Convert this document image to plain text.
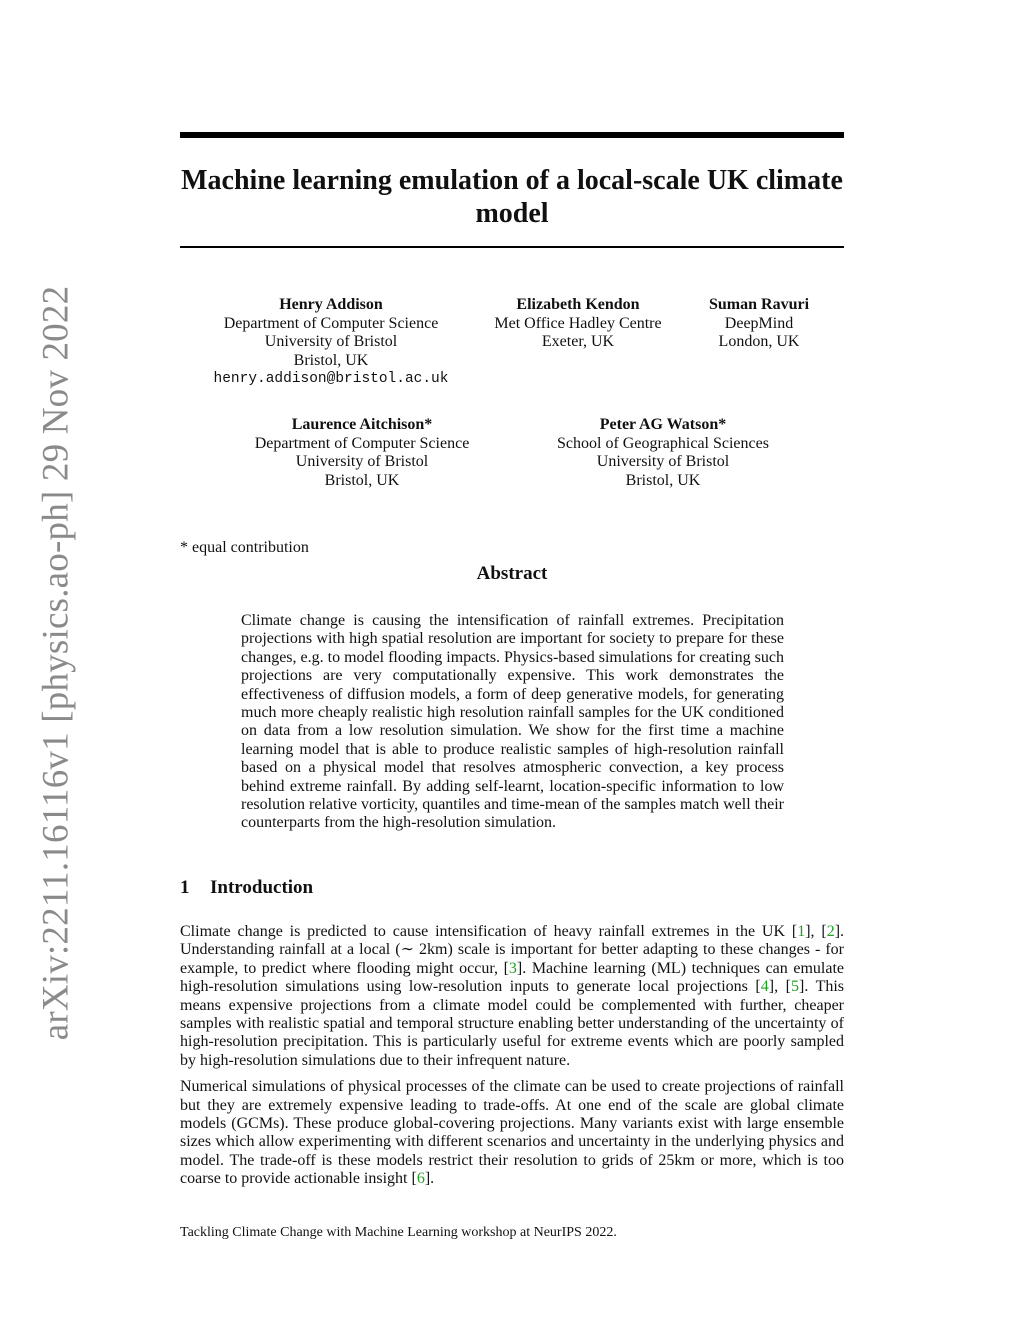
arXiv:2211.16116v1 [physics.ao-ph] 29 Nov 2022
Machine learning emulation of a local-scale UK climate model
Henry Addison
Department of Computer Science
University of Bristol
Bristol, UK
henry.addison@bristol.ac.uk
Elizabeth Kendon
Met Office Hadley Centre
Exeter, UK
Suman Ravuri
DeepMind
London, UK
Laurence Aitchison*
Department of Computer Science
University of Bristol
Bristol, UK
Peter AG Watson*
School of Geographical Sciences
University of Bristol
Bristol, UK
* equal contribution
Abstract
Climate change is causing the intensification of rainfall extremes. Precipitation projections with high spatial resolution are important for society to prepare for these changes, e.g. to model flooding impacts. Physics-based simulations for creating such projections are very computationally expensive. This work demonstrates the effectiveness of diffusion models, a form of deep generative models, for generating much more cheaply realistic high resolution rainfall samples for the UK conditioned on data from a low resolution simulation. We show for the first time a machine learning model that is able to produce realistic samples of high-resolution rainfall based on a physical model that resolves atmospheric convection, a key process behind extreme rainfall. By adding self-learnt, location-specific information to low resolution relative vorticity, quantiles and time-mean of the samples match well their counterparts from the high-resolution simulation.
1 Introduction

Climate change is predicted to cause intensification of heavy rainfall extremes in the UK [1], [2]. Understanding rainfall at a local (∼ 2km) scale is important for better adapting to these changes - for example, to predict where flooding might occur, [3]. Machine learning (ML) techniques can emulate high-resolution simulations using low-resolution inputs to generate local projections [4], [5]. This means expensive projections from a climate model could be complemented with further, cheaper samples with realistic spatial and temporal structure enabling better understanding of the uncertainty of high-resolution precipitation. This is particularly useful for extreme events which are poorly sampled by high-resolution simulations due to their infrequent nature.

Numerical simulations of physical processes of the climate can be used to create projections of rainfall but they are extremely expensive leading to trade-offs. At one end of the scale are global climate models (GCMs). These produce global-covering projections. Many variants exist with large ensemble sizes which allow experimenting with different scenarios and uncertainty in the underlying physics and model. The trade-off is these models restrict their resolution to grids of 25km or more, which is too coarse to provide actionable insight [6].

Tackling Climate Change with Machine Learning workshop at NeurIPS 2022.
